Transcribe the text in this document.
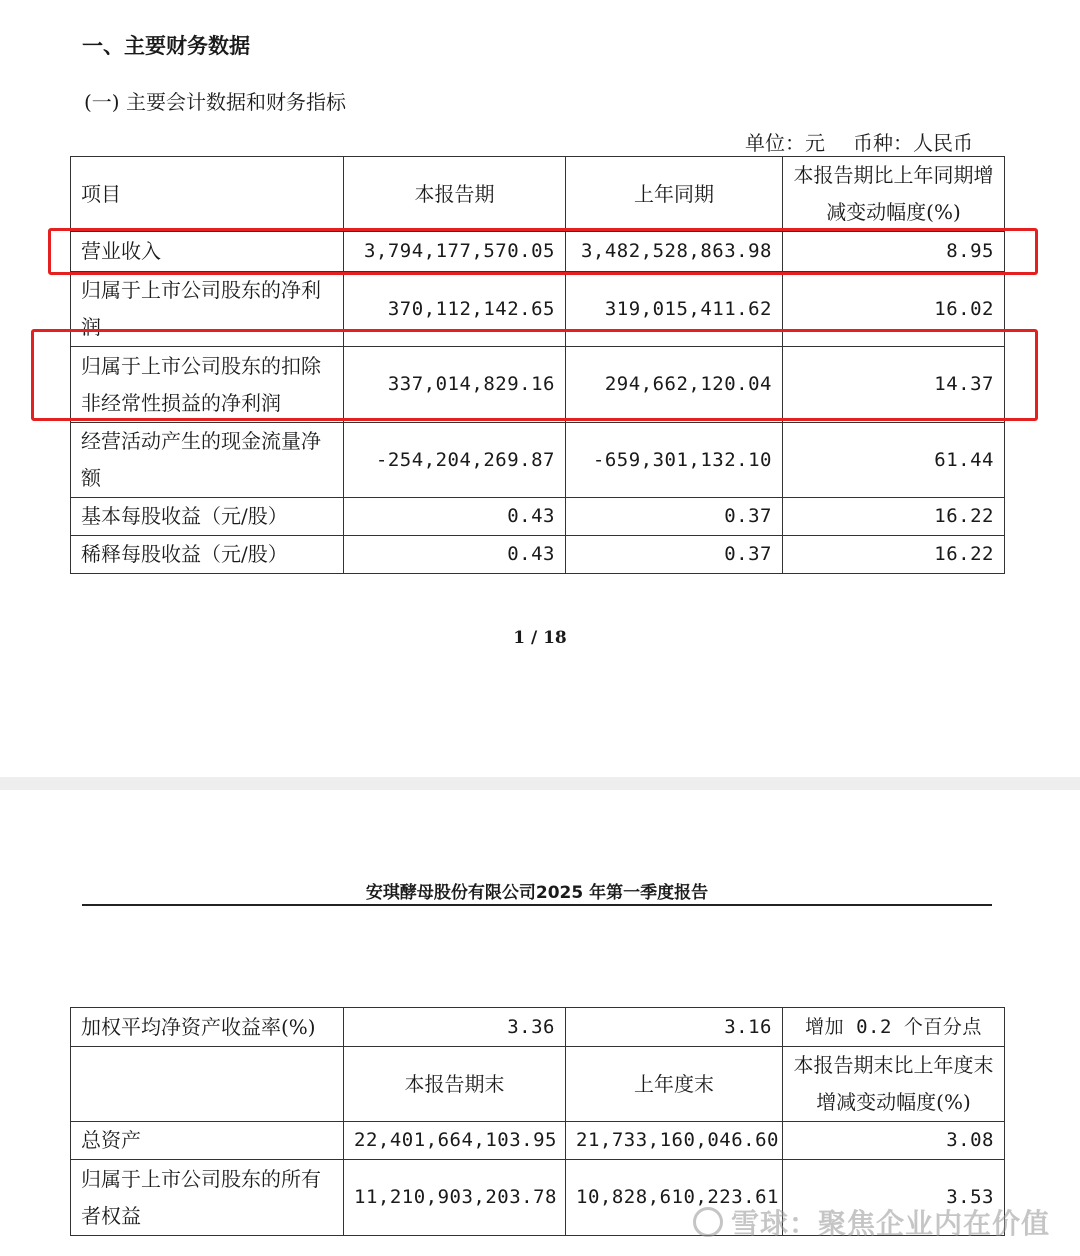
一、主要财务数据
(一) 主要会计数据和财务指标
单位：元 币种：人民币
项目	本报告期	上年同期	本报告期比上年同期增减变动幅度(%)
营业收入	3,794,177,570.05	3,482,528,863.98	8.95
归属于上市公司股东的净利润	370,112,142.65	319,015,411.62	16.02
归属于上市公司股东的扣除非经常性损益的净利润	337,014,829.16	294,662,120.04	14.37
经营活动产生的现金流量净额	-254,204,269.87	-659,301,132.10	61.44
基本每股收益（元/股）	0.43	0.37	16.22
稀释每股收益（元/股）	0.43	0.37	16.22
1 / 18
安琪酵母股份有限公司2025 年第一季度报告
加权平均净资产收益率(%)	3.36	3.16	增加 0.2 个百分点
	本报告期末	上年度末	本报告期末比上年度末增减变动幅度(%)
总资产	22,401,664,103.95	21,733,160,046.60	3.08
归属于上市公司股东的所有者权益	11,210,903,203.78	10,828,610,223.61	3.53
雪球：聚焦企业内在价值
